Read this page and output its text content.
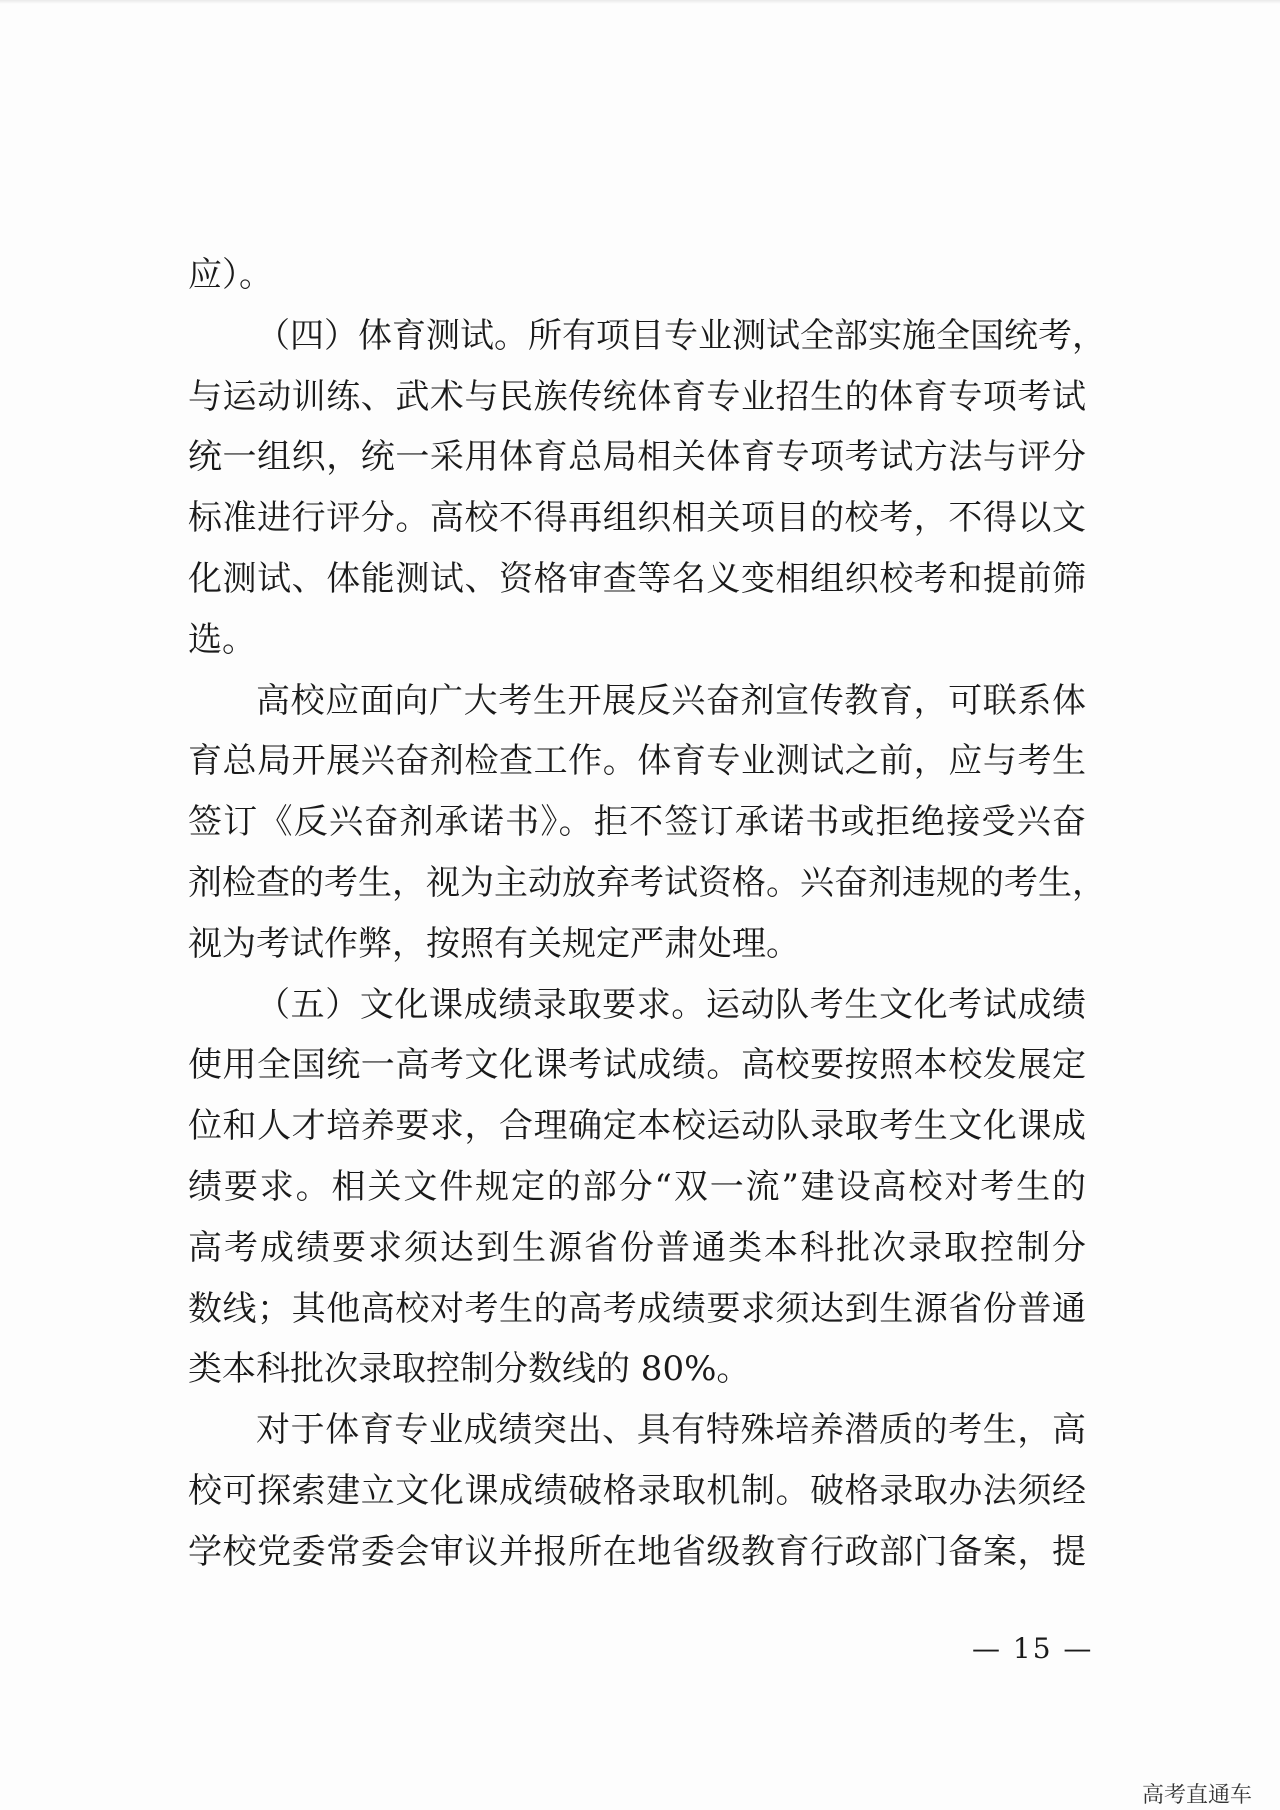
应）。
（四）体育测试。所有项目专业测试全部实施全国统考，
与运动训练、武术与民族传统体育专业招生的体育专项考试
统一组织，统一采用体育总局相关体育专项考试方法与评分
标准进行评分。高校不得再组织相关项目的校考，不得以文
化测试、体能测试、资格审查等名义变相组织校考和提前筛
选。
高校应面向广大考生开展反兴奋剂宣传教育，可联系体
育总局开展兴奋剂检查工作。体育专业测试之前，应与考生
签订《反兴奋剂承诺书》。拒不签订承诺书或拒绝接受兴奋
剂检查的考生，视为主动放弃考试资格。兴奋剂违规的考生，
视为考试作弊，按照有关规定严肃处理。
（五）文化课成绩录取要求。运动队考生文化考试成绩
使用全国统一高考文化课考试成绩。高校要按照本校发展定
位和人才培养要求，合理确定本校运动队录取考生文化课成
绩要求。相关文件规定的部分“双一流”建设高校对考生的
高考成绩要求须达到生源省份普通类本科批次录取控制分
数线；其他高校对考生的高考成绩要求须达到生源省份普通
类本科批次录取控制分数线的 80%。
对于体育专业成绩突出、具有特殊培养潜质的考生，高
校可探索建立文化课成绩破格录取机制。破格录取办法须经
学校党委常委会审议并报所在地省级教育行政部门备案，提
— 15 —
高考直通车
